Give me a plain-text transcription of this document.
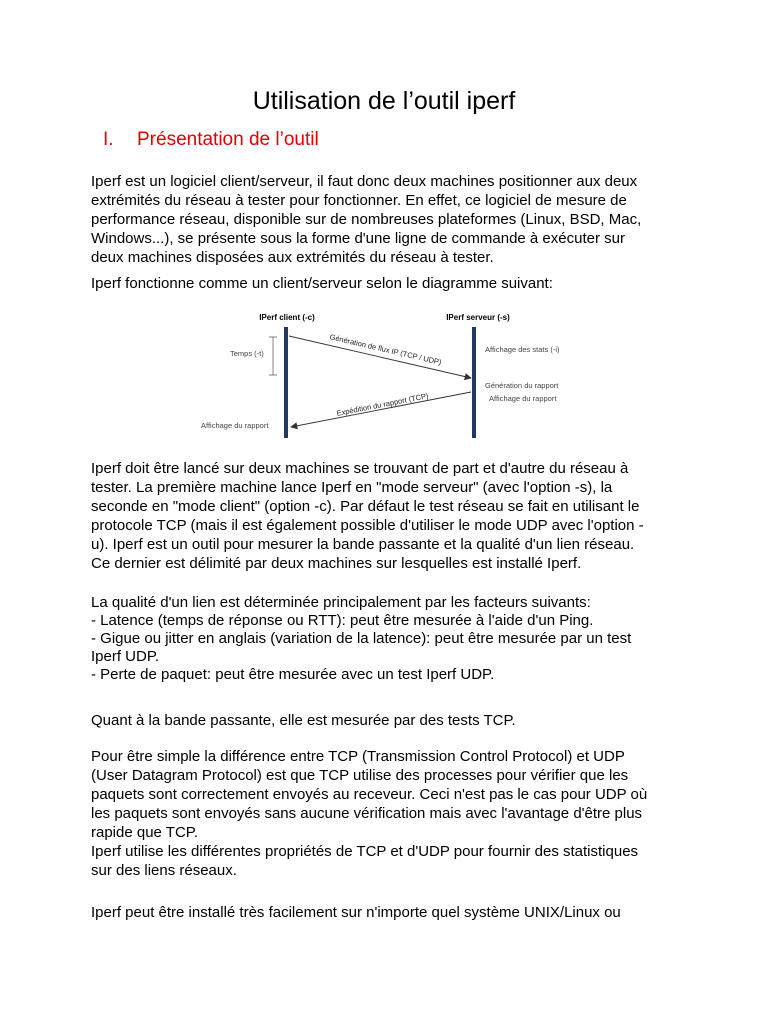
Utilisation de l’outil iperf
I. Présentation de l’outil
Iperf est un logiciel client/serveur, il faut donc deux machines positionner aux deux
extrémités du réseau à tester pour fonctionner. En effet, ce logiciel de mesure de
performance réseau, disponible sur de nombreuses plateformes (Linux, BSD, Mac,
Windows...), se présente sous la forme d'une ligne de commande à exécuter sur
deux machines disposées aux extrémités du réseau à tester.
Iperf fonctionne comme un client/serveur selon le diagramme suivant:
IPerf client (-c)	IPerf serveur (-s)
Temps (-t)	Génération de flux IP (TCP / UDP)
Expédition du rapport (TCP)
Affichage des stats (-i)
Génération du rapport
Affichage du rapport
Affichage du rapport
Iperf doit être lancé sur deux machines se trouvant de part et d'autre du réseau à
tester. La première machine lance Iperf en "mode serveur" (avec l'option -s), la
seconde en "mode client" (option -c). Par défaut le test réseau se fait en utilisant le
protocole TCP (mais il est également possible d'utiliser le mode UDP avec l'option -
u). Iperf est un outil pour mesurer la bande passante et la qualité d'un lien réseau.
Ce dernier est délimité par deux machines sur lesquelles est installé Iperf.
La qualité d'un lien est déterminée principalement par les facteurs suivants:
- Latence (temps de réponse ou RTT): peut être mesurée à l'aide d'un Ping.
- Gigue ou jitter en anglais (variation de la latence): peut être mesurée par un test
Iperf UDP.
- Perte de paquet: peut être mesurée avec un test Iperf UDP.
Quant à la bande passante, elle est mesurée par des tests TCP.
Pour être simple la différence entre TCP (Transmission Control Protocol) et UDP
(User Datagram Protocol) est que TCP utilise des processes pour vérifier que les
paquets sont correctement envoyés au receveur. Ceci n'est pas le cas pour UDP où
les paquets sont envoyés sans aucune vérification mais avec l'avantage d'être plus
rapide que TCP.
Iperf utilise les différentes propriétés de TCP et d'UDP pour fournir des statistiques
sur des liens réseaux.
Iperf peut être installé très facilement sur n'importe quel système UNIX/Linux ou
